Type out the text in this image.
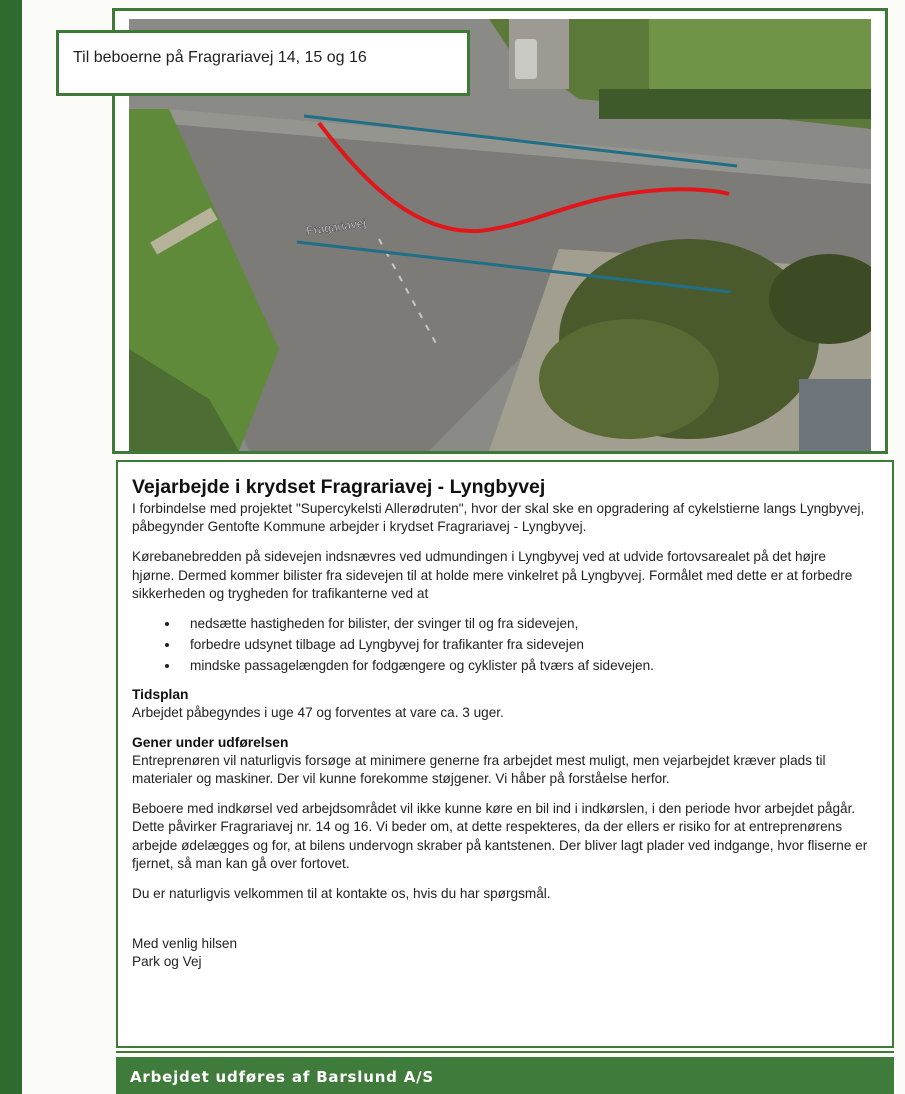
Fragariavej
Til beboerne på Fragrariavej 14, 15 og 16
Vejarbejde i krydset Fragrariavej - Lyngbyvej

I forbindelse med projektet "Supercykelsti Allerødruten", hvor der skal ske en opgradering af cykelstierne langs Lyngbyvej, påbegynder Gentofte Kommune arbejder i krydset Fragrariavej - Lyngbyvej.

Kørebanebredden på sidevejen indsnævres ved udmundingen i Lyngbyvej ved at udvide fortovsarealet på det højre hjørne. Dermed kommer bilister fra sidevejen til at holde mere vinkelret på Lyngbyvej. Formålet med dette er at forbedre sikkerheden og trygheden for trafikanterne ved at

• nedsætte hastigheden for bilister, der svinger til og fra sidevejen,
• forbedre udsynet tilbage ad Lyngbyvej for trafikanter fra sidevejen
• mindske passagelængden for fodgængere og cyklister på tværs af sidevejen.
Tidsplan

Arbejdet påbegyndes i uge 47 og forventes at vare ca. 3 uger.

Gener under udførelsen

Entreprenøren vil naturligvis forsøge at minimere generne fra arbejdet mest muligt, men vejarbejdet kræver plads til materialer og maskiner. Der vil kunne forekomme støjgener. Vi håber på forståelse herfor.

Beboere med indkørsel ved arbejdsområdet vil ikke kunne køre en bil ind i indkørslen, i den periode hvor arbejdet pågår. Dette påvirker Fragrariavej nr. 14 og 16. Vi beder om, at dette respekteres, da der ellers er risiko for at entreprenørens arbejde ødelægges og for, at bilens undervogn skraber på kantstenen. Der bliver lagt plader ved indgange, hvor fliserne er fjernet, så man kan gå over fortovet.

Du er naturligvis velkommen til at kontakte os, hvis du har spørgsmål.

Med venlig hilsen
Park og Vej
Arbejdet udføres af Barslund A/S
